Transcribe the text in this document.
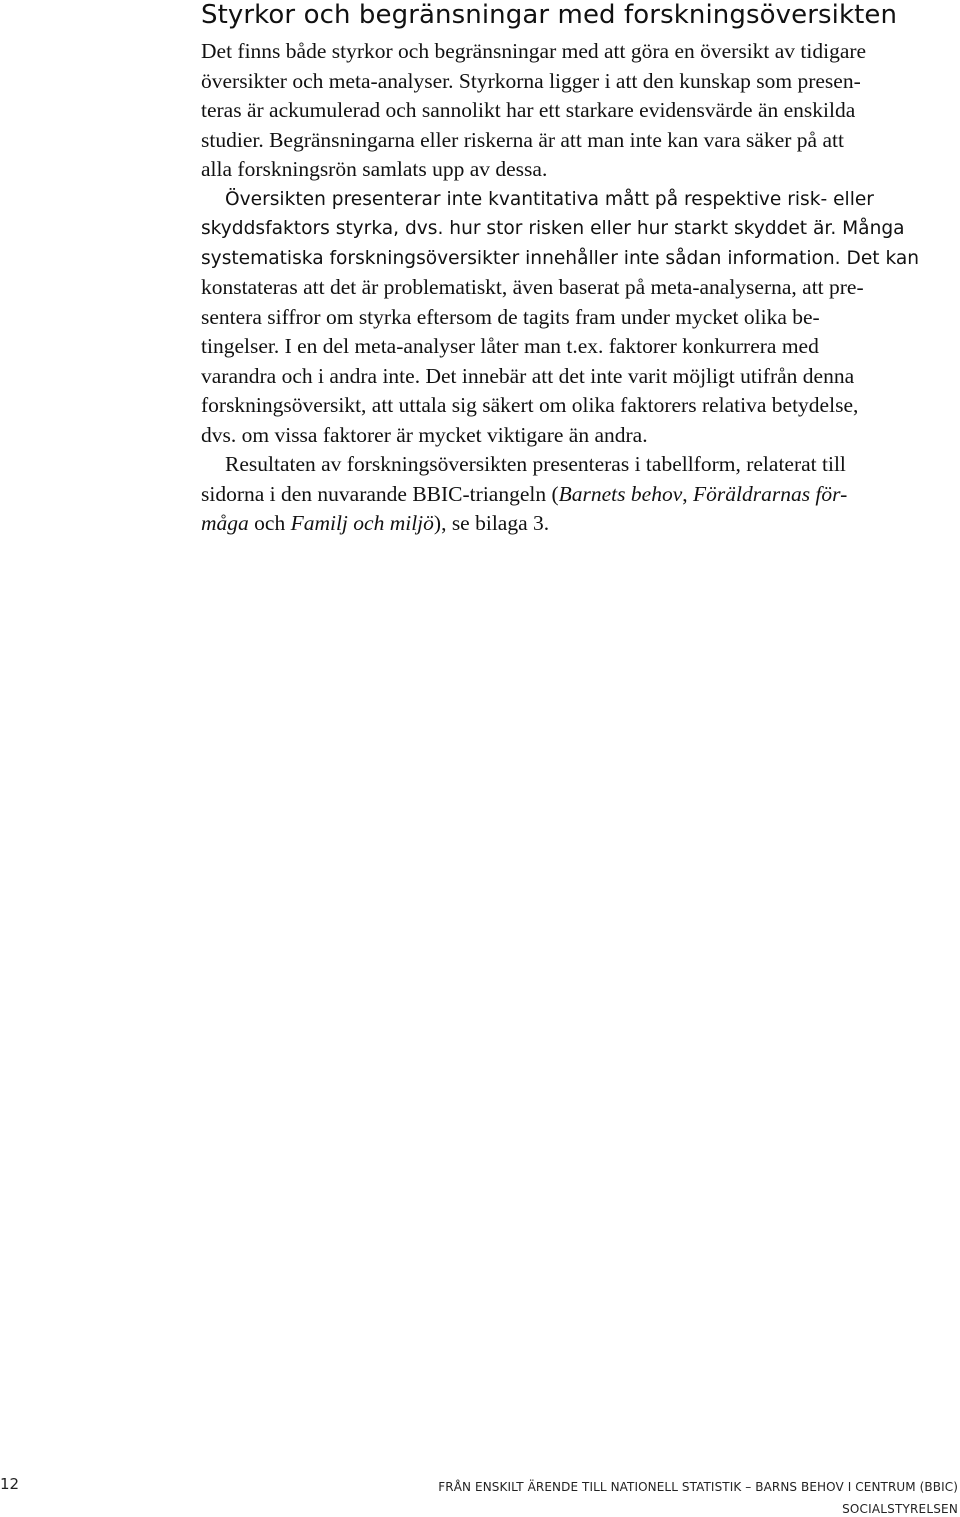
Styrkor och begränsningar med forskningsöversikten

Det finns både styrkor och begränsningar med att göra en översikt av tidigare
översikter och meta-analyser. Styrkorna ligger i att den kunskap som presen-
teras är ackumulerad och sannolikt har ett starkare evidensvärde än enskilda
studier. Begränsningarna eller riskerna är att man inte kan vara säker på att
alla forskningsrön samlats upp av dessa.
Översikten presenterar inte kvantitativa mått på respektive risk- eller
skyddsfaktors styrka, dvs. hur stor risken eller hur starkt skyddet är. Många
systematiska forskningsöversikter innehåller inte sådan information. Det kan
konstateras att det är problematiskt, även baserat på meta-analyserna, att pre-
sentera siffror om styrka eftersom de tagits fram under mycket olika be-
tingelser. I en del meta-analyser låter man t.ex. faktorer konkurrera med
varandra och i andra inte. Det innebär att det inte varit möjligt utifrån denna
forskningsöversikt, att uttala sig säkert om olika faktorers relativa betydelse,
dvs. om vissa faktorer är mycket viktigare än andra.

Resultaten av forskningsöversikten presenteras i tabellform, relaterat till
sidorna i den nuvarande BBIC-triangeln (Barnets behov, Föräldrarnas för-
måga och Familj och miljö), se bilaga 3.

12	FRÅN ENSKILT ÄRENDE TILL NATIONELL STATISTIK – BARNS BEHOV I CENTRUM (BBIC)
SOCIALSTYRELSEN
